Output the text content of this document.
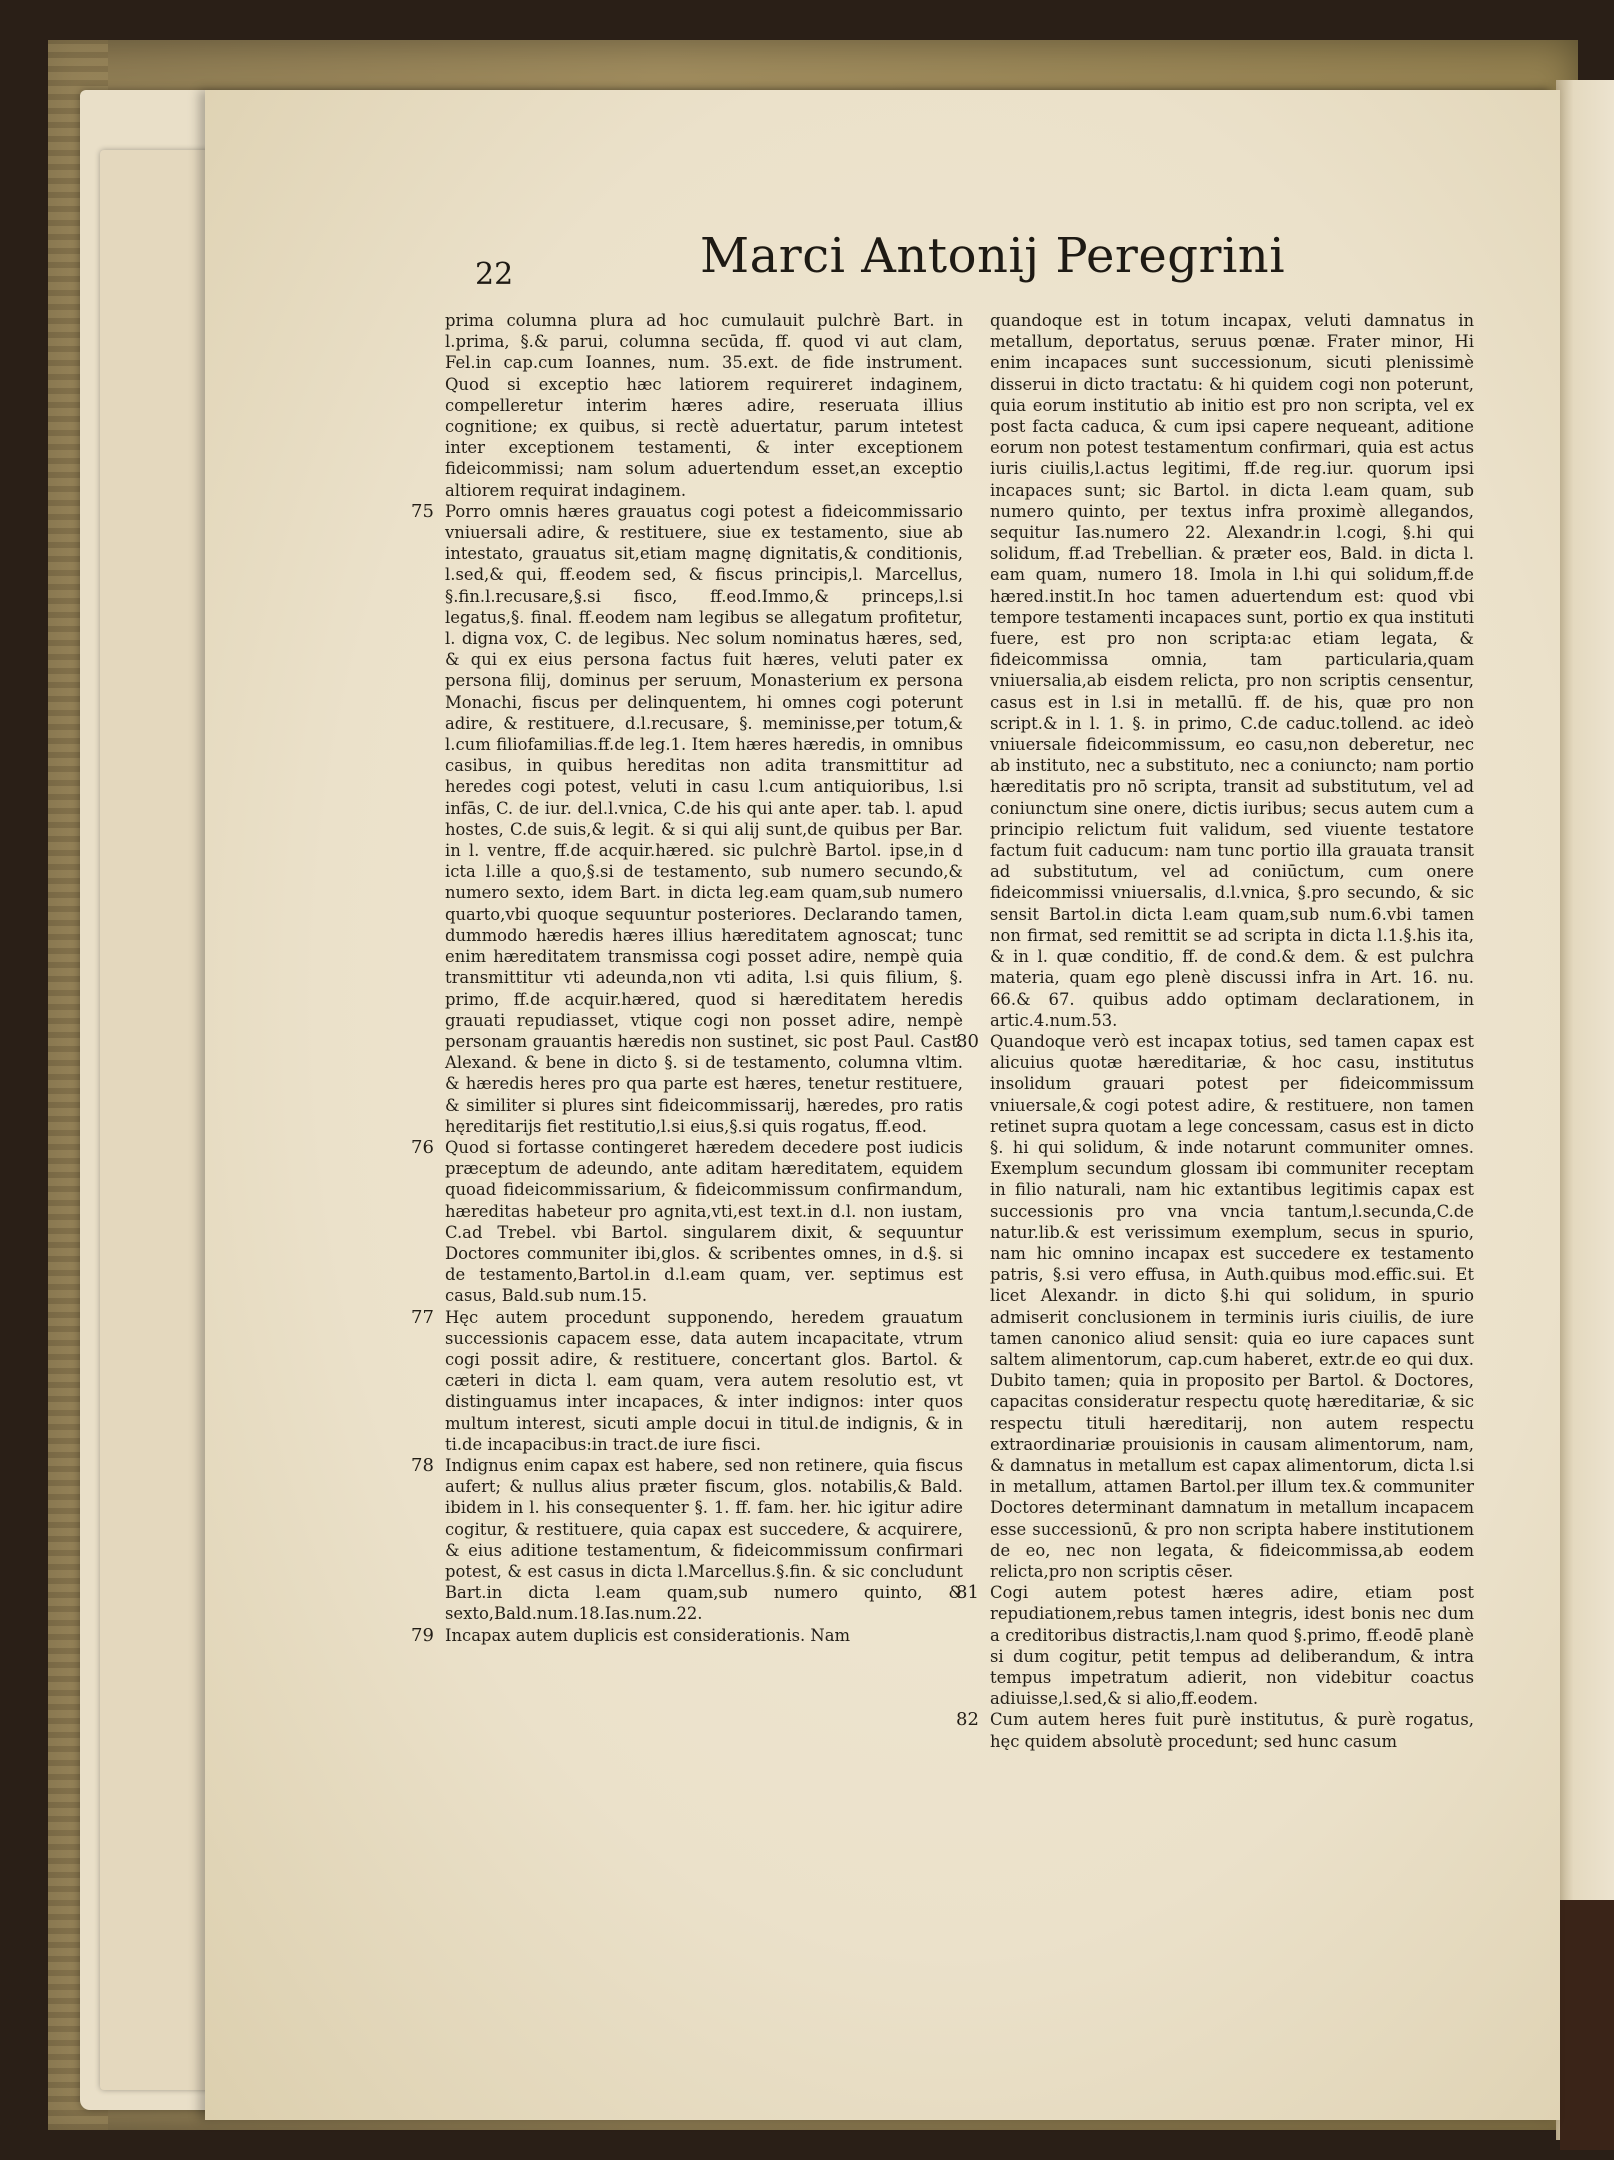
22	Marci Antonij Peregrini

prima columna plura ad hoc cumulauit pulchrè Bart. in l.prima, §.& parui, columna secūda, ff. quod vi aut clam, Fel.in cap.cum Ioannes, num. 35.ext. de fide instrument. Quod si exceptio hæc latiorem requireret indaginem, compelleretur interim hæres adire, reseruata illius cognitione; ex quibus, si rectè aduertatur, parum intetest inter exceptionem testamenti, & inter exceptionem fideicommissi; nam solum aduertendum esset,an exceptio altiorem requirat indaginem.

Porro omnis hæres grauatus cogi potest a fideicommissario vniuersali adire, & restituere, siue ex testamento, siue ab intestato, grauatus sit,etiam magnę dignitatis,& conditionis, l.sed,& qui, ff.eodem sed, & fiscus principis,l. Marcellus, §.fin.l.recusare,§.si fisco, ff.eod.Immo,& princeps,l.si legatus,§. final. ff.eodem nam legibus se allegatum profitetur, l. digna vox, C. de legibus. Nec solum nominatus hæres, sed, & qui ex eius persona factus fuit hæres, veluti pater ex persona filij, dominus per seruum, Monasterium ex persona Monachi, fiscus per delinquentem, hi omnes cogi poterunt adire, & restituere, d.l.recusare, §. meminisse,per totum,& l.cum filiofamilias.ff.de leg.1. Item hæres hæredis, in omnibus casibus, in quibus hereditas non adita transmittitur ad heredes cogi potest, veluti in casu l.cum antiquioribus, l.si infās, C. de iur. del.l.vnica, C.de his qui ante aper. tab. l. apud hostes, C.de suis,& legit. & si qui alij sunt,de quibus per Bar. in l. ventre, ff.de acquir.hæred. sic pulchrè Bartol. ipse,in d icta l.ille a quo,§.si de testamento, sub numero secundo,& numero sexto, idem Bart. in dicta leg.eam quam,sub numero quarto,vbi quoque sequuntur posteriores. Declarando tamen, dummodo hæredis hæres illius hæreditatem agnoscat; tunc enim hæreditatem transmissa cogi posset adire, nempè quia transmittitur vti adeunda,non vti adita, l.si quis filium, §. primo, ff.de acquir.hæred, quod si hæreditatem heredis grauati repudiasset, vtique cogi non posset adire, nempè personam grauantis hæredis non sustinet, sic post Paul. Cast. Alexand. & bene in dicto §. si de testamento, columna vltim. & hæredis heres pro qua parte est hæres, tenetur restituere, & similiter si plures sint fideicommissarij, hæredes, pro ratis hęreditarijs fiet restitutio,l.si eius,§.si quis rogatus, ff.eod.

Quod si fortasse contingeret hæredem decedere post iudicis præceptum de adeundo, ante aditam hæreditatem, equidem quoad fideicommissarium, & fideicommissum confirmandum, hæreditas habeteur pro agnita,vti,est text.in d.l. non iustam, C.ad Trebel. vbi Bartol. singularem dixit, & sequuntur Doctores communiter ibi,glos. & scribentes omnes, in d.§. si de testamento,Bartol.in d.l.eam quam, ver. septimus est casus, Bald.sub num.15.

Hęc autem procedunt supponendo, heredem grauatum successionis capacem esse, data autem incapacitate, vtrum cogi possit adire, & restituere, concertant glos. Bartol. & cæteri in dicta l. eam quam, vera autem resolutio est, vt distinguamus inter incapaces, & inter indignos: inter quos multum interest, sicuti ample docui in titul.de indignis, & in ti.de incapacibus:in tract.de iure fisci.

Indignus enim capax est habere, sed non retinere, quia fiscus aufert; & nullus alius præter fiscum, glos. notabilis,& Bald. ibidem in l. his consequenter §. 1. ff. fam. her. hic igitur adire cogitur, & restituere, quia capax est succedere, & acquirere, & eius aditione testamentum, & fideicommissum confirmari potest, & est casus in dicta l.Marcellus.§.fin. & sic concludunt Bart.in dicta l.eam quam,sub numero quinto, & sexto,Bald.num.18.Ias.num.22.

Incapax autem duplicis est considerationis. Nam

quandoque est in totum incapax, veluti damnatus in metallum, deportatus, seruus pœnæ. Frater minor, Hi enim incapaces sunt successionum, sicuti plenissimè disserui in dicto tractatu: & hi quidem cogi non poterunt, quia eorum institutio ab initio est pro non scripta, vel ex post facta caduca, & cum ipsi capere nequeant, aditione eorum non potest testamentum confirmari, quia est actus iuris ciuilis,l.actus legitimi, ff.de reg.iur. quorum ipsi incapaces sunt; sic Bartol. in dicta l.eam quam, sub numero quinto, per textus infra proximè allegandos, sequitur Ias.numero 22. Alexandr.in l.cogi, §.hi qui solidum, ff.ad Trebellian. & præter eos, Bald. in dicta l. eam quam, numero 18. Imola in l.hi qui solidum,ff.de hæred.instit.In hoc tamen aduertendum est: quod vbi tempore testamenti incapaces sunt, portio ex qua instituti fuere, est pro non scripta:ac etiam legata, & fideicommissa omnia, tam particularia,quam vniuersalia,ab eisdem relicta, pro non scriptis censentur, casus est in l.si in metallū. ff. de his, quæ pro non script.& in l. 1. §. in primo, C.de caduc.tollend. ac ideò vniuersale fideicommissum, eo casu,non deberetur, nec ab instituto, nec a substituto, nec a coniuncto; nam portio hæreditatis pro nō scripta, transit ad substitutum, vel ad coniunctum sine onere, dictis iuribus; secus autem cum a principio relictum fuit validum, sed viuente testatore factum fuit caducum: nam tunc portio illa grauata transit ad substitutum, vel ad coniūctum, cum onere fideicommissi vniuersalis, d.l.vnica, §.pro secundo, & sic sensit Bartol.in dicta l.eam quam,sub num.6.vbi tamen non firmat, sed remittit se ad scripta in dicta l.1.§.his ita, & in l. quæ conditio, ff. de cond.& dem. & est pulchra materia, quam ego plenè discussi infra in Art. 16. nu. 66.& 67. quibus addo optimam declarationem, in artic.4.num.53.

Quandoque verò est incapax totius, sed tamen capax est alicuius quotæ hæreditariæ, & hoc casu, institutus insolidum grauari potest per fideicommissum vniuersale,& cogi potest adire, & restituere, non tamen retinet supra quotam a lege concessam, casus est in dicto §. hi qui solidum, & inde notarunt communiter omnes. Exemplum secundum glossam ibi communiter receptam in filio naturali, nam hic extantibus legitimis capax est successionis pro vna vncia tantum,l.secunda,C.de natur.lib.& est verissimum exemplum, secus in spurio, nam hic omnino incapax est succedere ex testamento patris, §.si vero effusa, in Auth.quibus mod.effic.sui. Et licet Alexandr. in dicto §.hi qui solidum, in spurio admiserit conclusionem in terminis iuris ciuilis, de iure tamen canonico aliud sensit: quia eo iure capaces sunt saltem alimentorum, cap.cum haberet, extr.de eo qui dux. Dubito tamen; quia in proposito per Bartol. & Doctores, capacitas consideratur respectu quotę hæreditariæ, & sic respectu tituli hæreditarij, non autem respectu extraordinariæ prouisionis in causam alimentorum, nam, & damnatus in metallum est capax alimentorum, dicta l.si in metallum, attamen Bartol.per illum tex.& communiter Doctores determinant damnatum in metallum incapacem esse successionū, & pro non scripta habere institutionem de eo, nec non legata, & fideicommissa,ab eodem relicta,pro non scriptis cēser.

Cogi autem potest hæres adire, etiam post repudiationem,rebus tamen integris, idest bonis nec dum a creditoribus distractis,l.nam quod §.primo, ff.eodē planè si dum cogitur, petit tempus ad deliberandum, & intra tempus impetratum adierit, non videbitur coactus adiuisse,l.sed,& si alio,ff.eodem.

Cum autem heres fuit purè institutus, & purè rogatus, hęc quidem absolutè procedunt; sed hunc casum

75
76
77
78
79
80
81
82
